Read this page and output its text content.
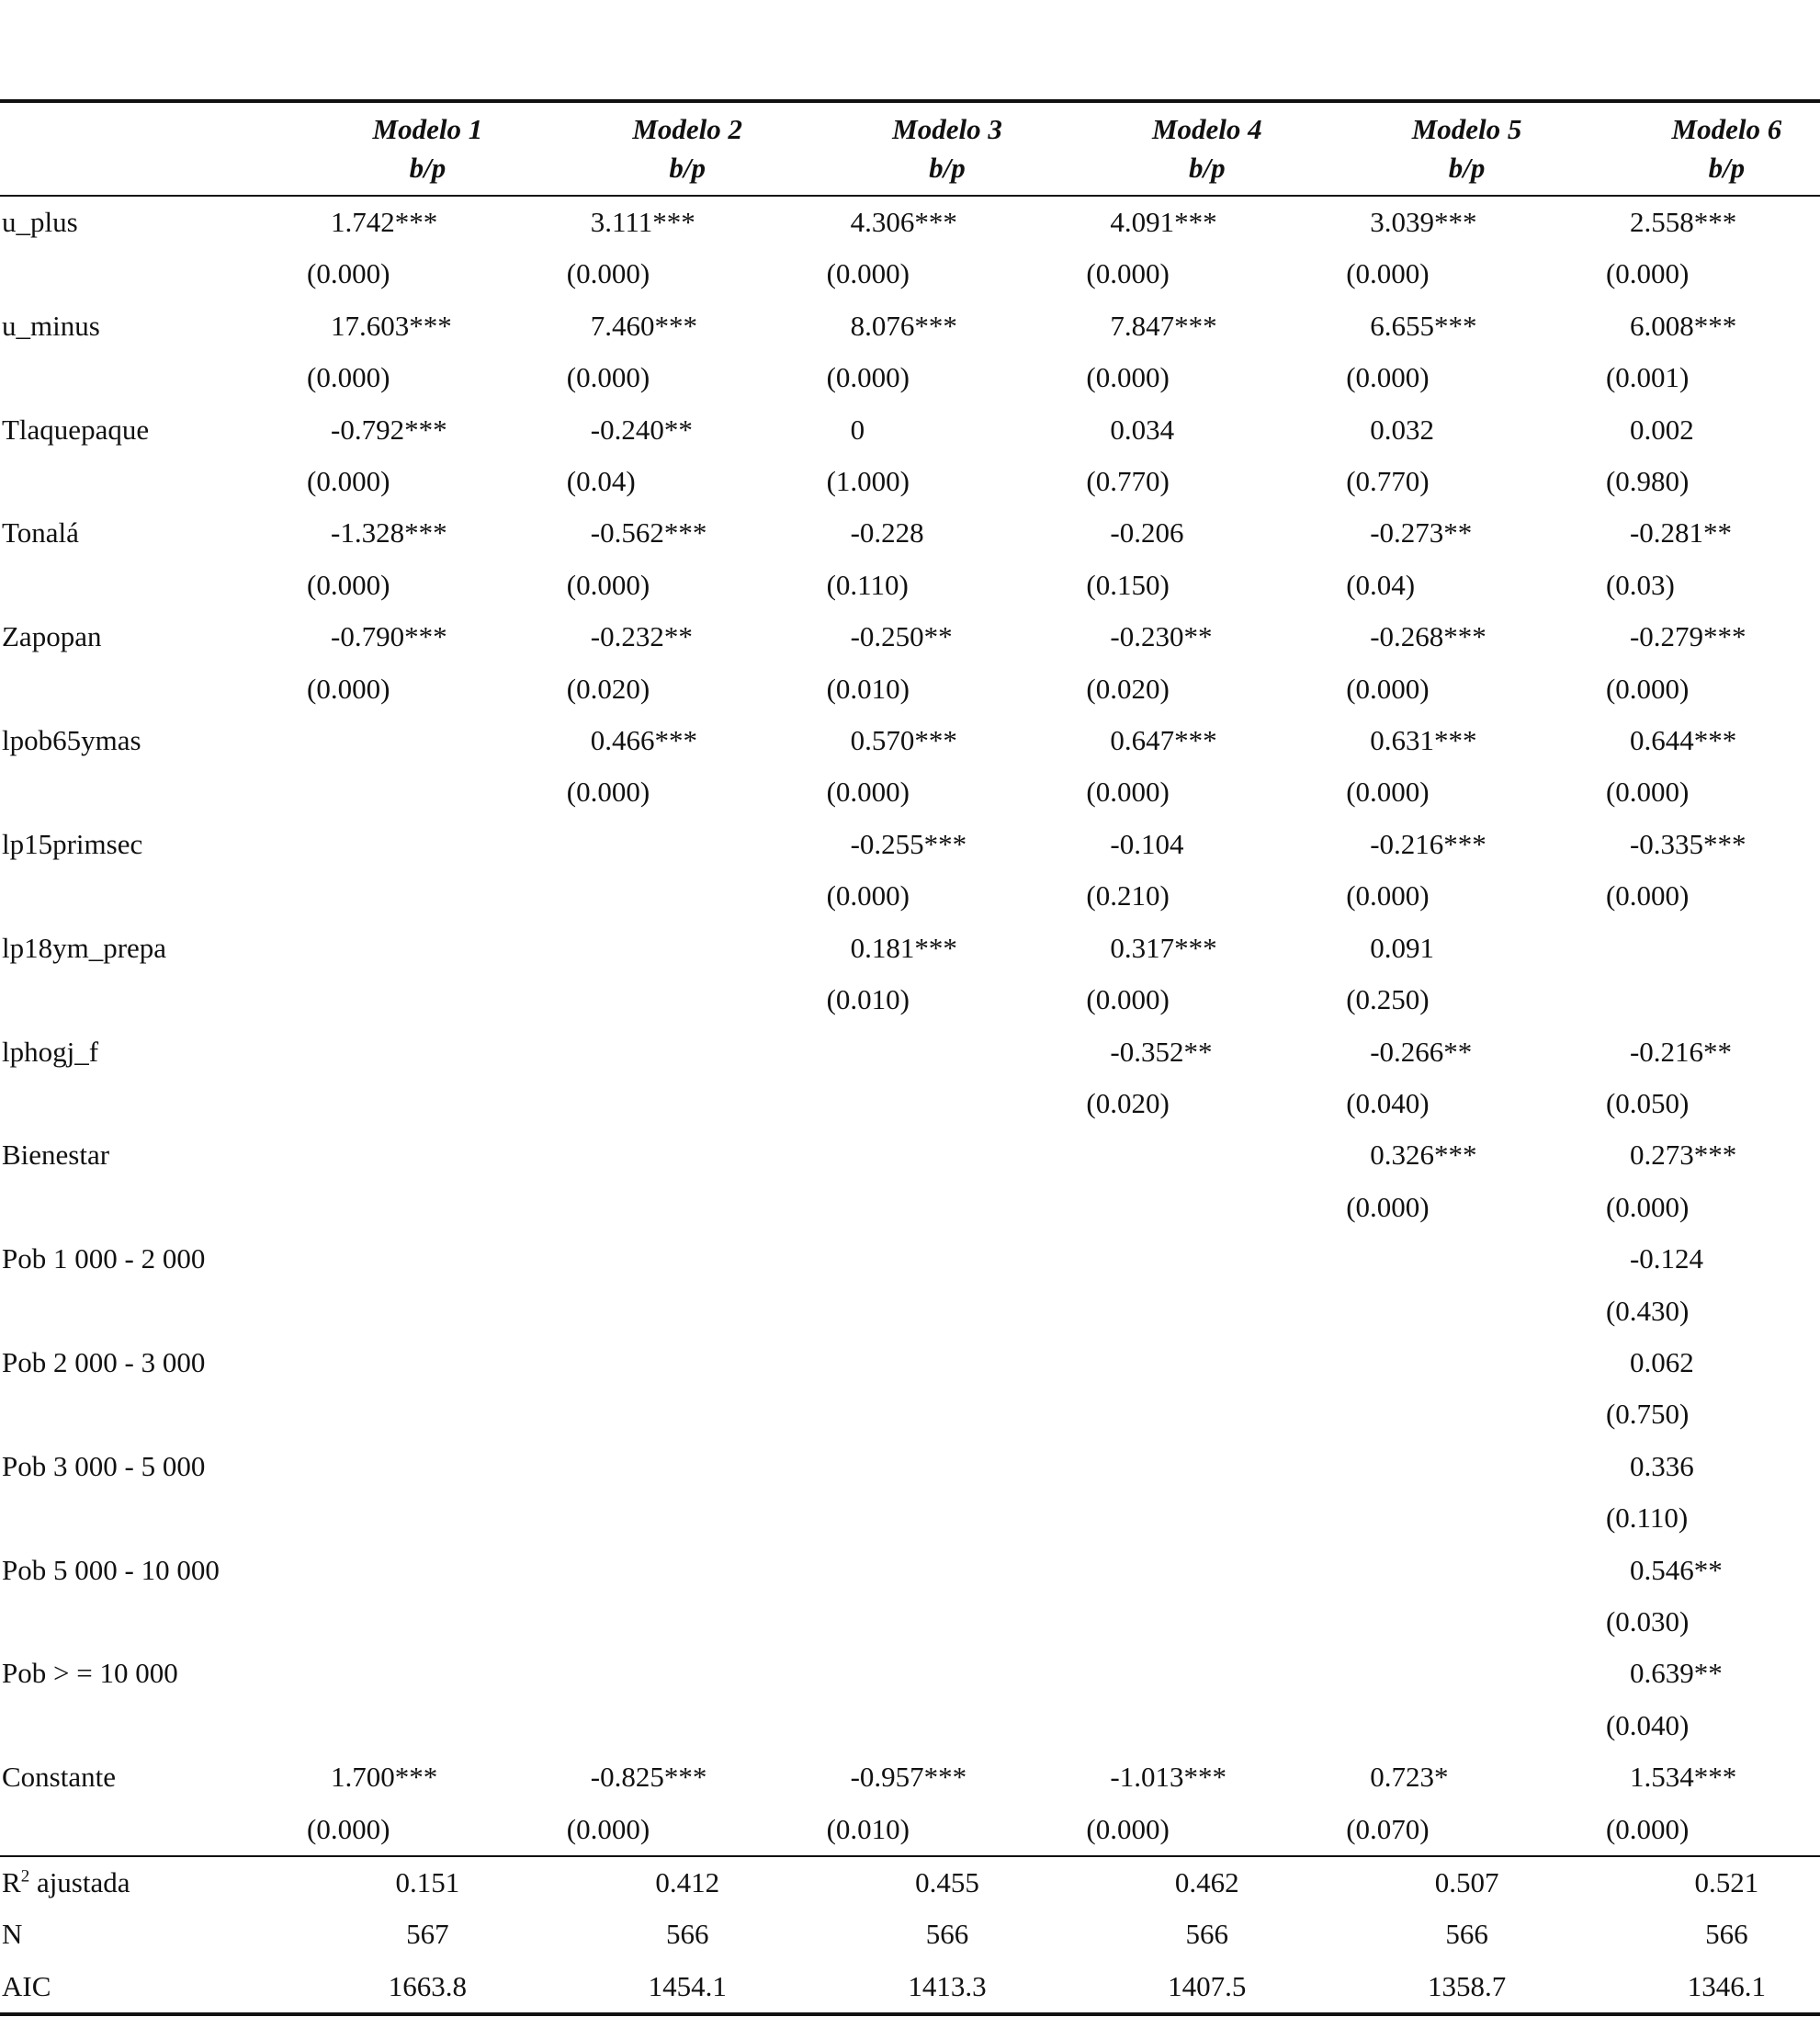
	Modelo 1	Modelo 2	Modelo 3	Modelo 4	Modelo 5	Modelo 6
	b/p	b/p	b/p	b/p	b/p	b/p
u_plus	1.742***	3.111***	4.306***	4.091***	3.039***	2.558***
	(0.000)	(0.000)	(0.000)	(0.000)	(0.000)	(0.000)
u_minus	17.603***	7.460***	8.076***	7.847***	6.655***	6.008***
	(0.000)	(0.000)	(0.000)	(0.000)	(0.000)	(0.001)
Tlaquepaque	-0.792***	-0.240**	0	0.034	0.032	0.002
	(0.000)	(0.04)	(1.000)	(0.770)	(0.770)	(0.980)
Tonalá	-1.328***	-0.562***	-0.228	-0.206	-0.273**	-0.281**
	(0.000)	(0.000)	(0.110)	(0.150)	(0.04)	(0.03)
Zapopan	-0.790***	-0.232**	-0.250**	-0.230**	-0.268***	-0.279***
	(0.000)	(0.020)	(0.010)	(0.020)	(0.000)	(0.000)
lpob65ymas		0.466***	0.570***	0.647***	0.631***	0.644***
		(0.000)	(0.000)	(0.000)	(0.000)	(0.000)
lp15primsec			-0.255***	-0.104	-0.216***	-0.335***
			(0.000)	(0.210)	(0.000)	(0.000)
lp18ym_prepa			0.181***	0.317***	0.091	
			(0.010)	(0.000)	(0.250)	
lphogj_f				-0.352**	-0.266**	-0.216**
				(0.020)	(0.040)	(0.050)
Bienestar					0.326***	0.273***
					(0.000)	(0.000)
Pob 1 000 - 2 000						-0.124
						(0.430)
Pob 2 000 - 3 000						0.062
						(0.750)
Pob 3 000 - 5 000						0.336
						(0.110)
Pob 5 000 - 10 000						0.546**
						(0.030)
Pob > = 10 000						0.639**
						(0.040)
Constante	1.700***	-0.825***	-0.957***	-1.013***	0.723*	1.534***
	(0.000)	(0.000)	(0.010)	(0.000)	(0.070)	(0.000)
$R^2$ ajustada	0.151	0.412	0.455	0.462	0.507	0.521
N	567	566	566	566	566	566
AIC	1663.8	1454.1	1413.3	1407.5	1358.7	1346.1
